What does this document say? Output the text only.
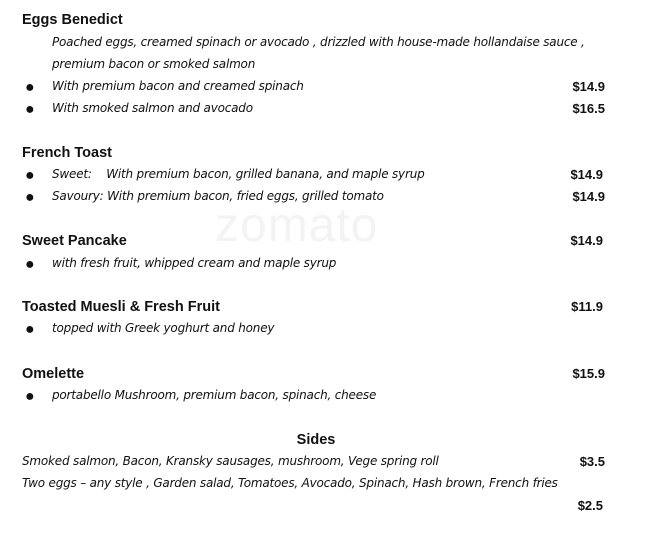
zomato
Eggs Benedict
Poached eggs, creamed spinach or avocado , drizzled with house-made hollandaise sauce ,
premium bacon or smoked salmon
● With premium bacon and creamed spinach	$14.9
● With smoked salmon and avocado	$16.5
French Toast
● Sweet:    With premium bacon, grilled banana, and maple syrup	$14.9
● Savoury: With premium bacon, fried eggs, grilled tomato	$14.9
Sweet Pancake	$14.9
● with fresh fruit, whipped cream and maple syrup
Toasted Muesli & Fresh Fruit	$11.9
● topped with Greek yoghurt and honey
Omelette	$15.9
● portabello Mushroom, premium bacon, spinach, cheese
Sides
Smoked salmon, Bacon, Kransky sausages, mushroom, Vege spring roll	$3.5
Two eggs – any style , Garden salad, Tomatoes, Avocado, Spinach, Hash brown, French fries
$2.5
